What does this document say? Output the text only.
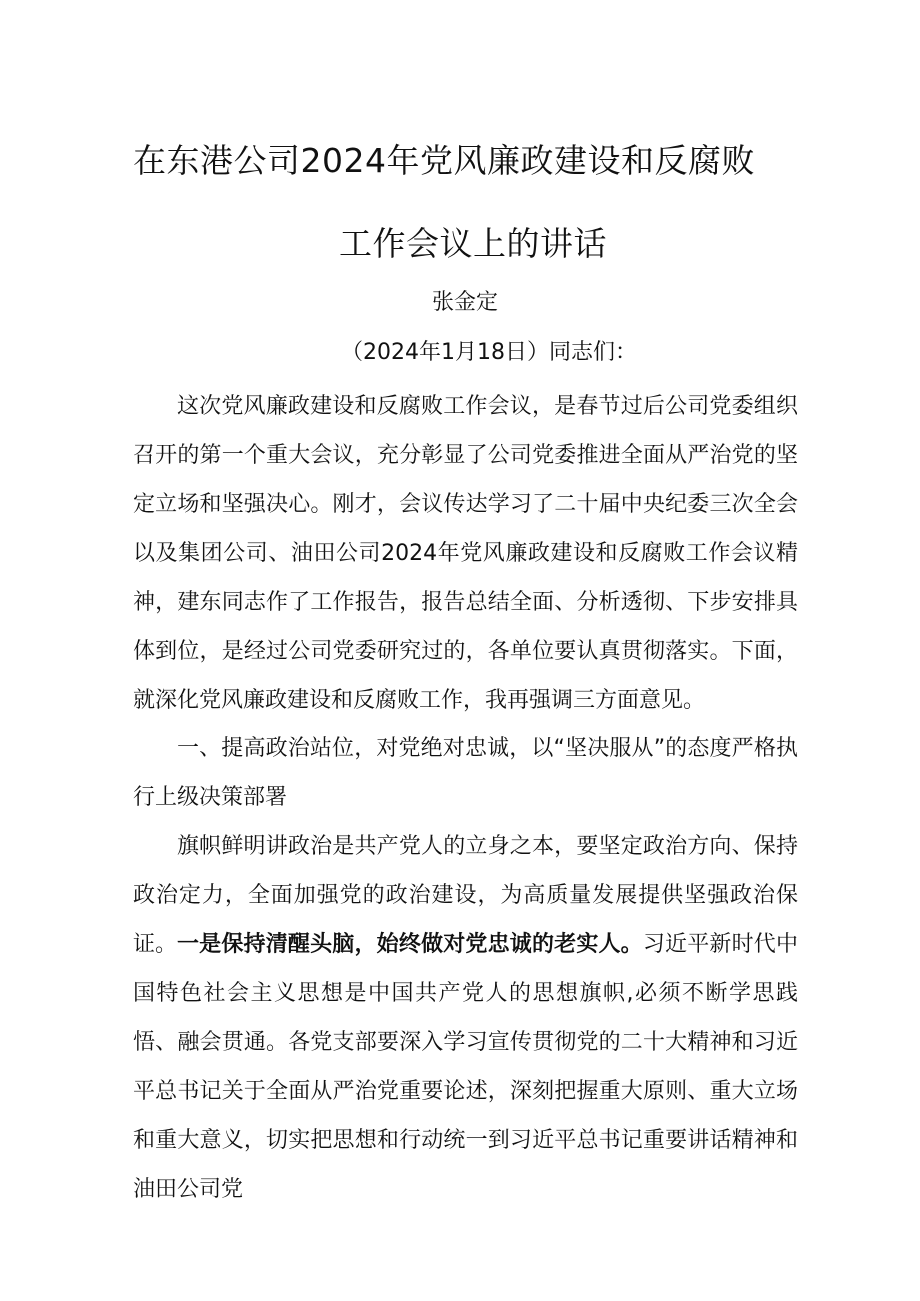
在东港公司2024年党风廉政建设和反腐败
工作会议上的讲话
张金定
（2024年1月18日）同志们：

这次党风廉政建设和反腐败工作会议，是春节过后公司党委组织召开的第一个重大会议，充分彰显了公司党委推进全面从严治党的坚定立场和坚强决心。刚才，会议传达学习了二十届中央纪委三次全会以及集团公司、油田公司2024年党风廉政建设和反腐败工作会议精神，建东同志作了工作报告，报告总结全面、分析透彻、下步安排具体到位，是经过公司党委研究过的，各单位要认真贯彻落实。下面，就深化党风廉政建设和反腐败工作，我再强调三方面意见。

一、提高政治站位，对党绝对忠诚，以“坚决服从”的态度严格执行上级决策部署

旗帜鲜明讲政治是共产党人的立身之本，要坚定政治方向、保持政治定力，全面加强党的政治建设，为高质量发展提供坚强政治保证。 一是保持清醒头脑，始终做对党忠诚的老实人。习近平新时代中国特色社会主义思想是中国共产党人的思想旗帜,必须不断学思践悟、融会贯通。各党支部要深入学习宣传贯彻党的二十大精神和习近平总书记关于全面从严治党重要论述，深刻把握重大原则、重大立场和重大意义，切实把思想和行动统一到习近平总书记重要讲话精神和油田公司党
